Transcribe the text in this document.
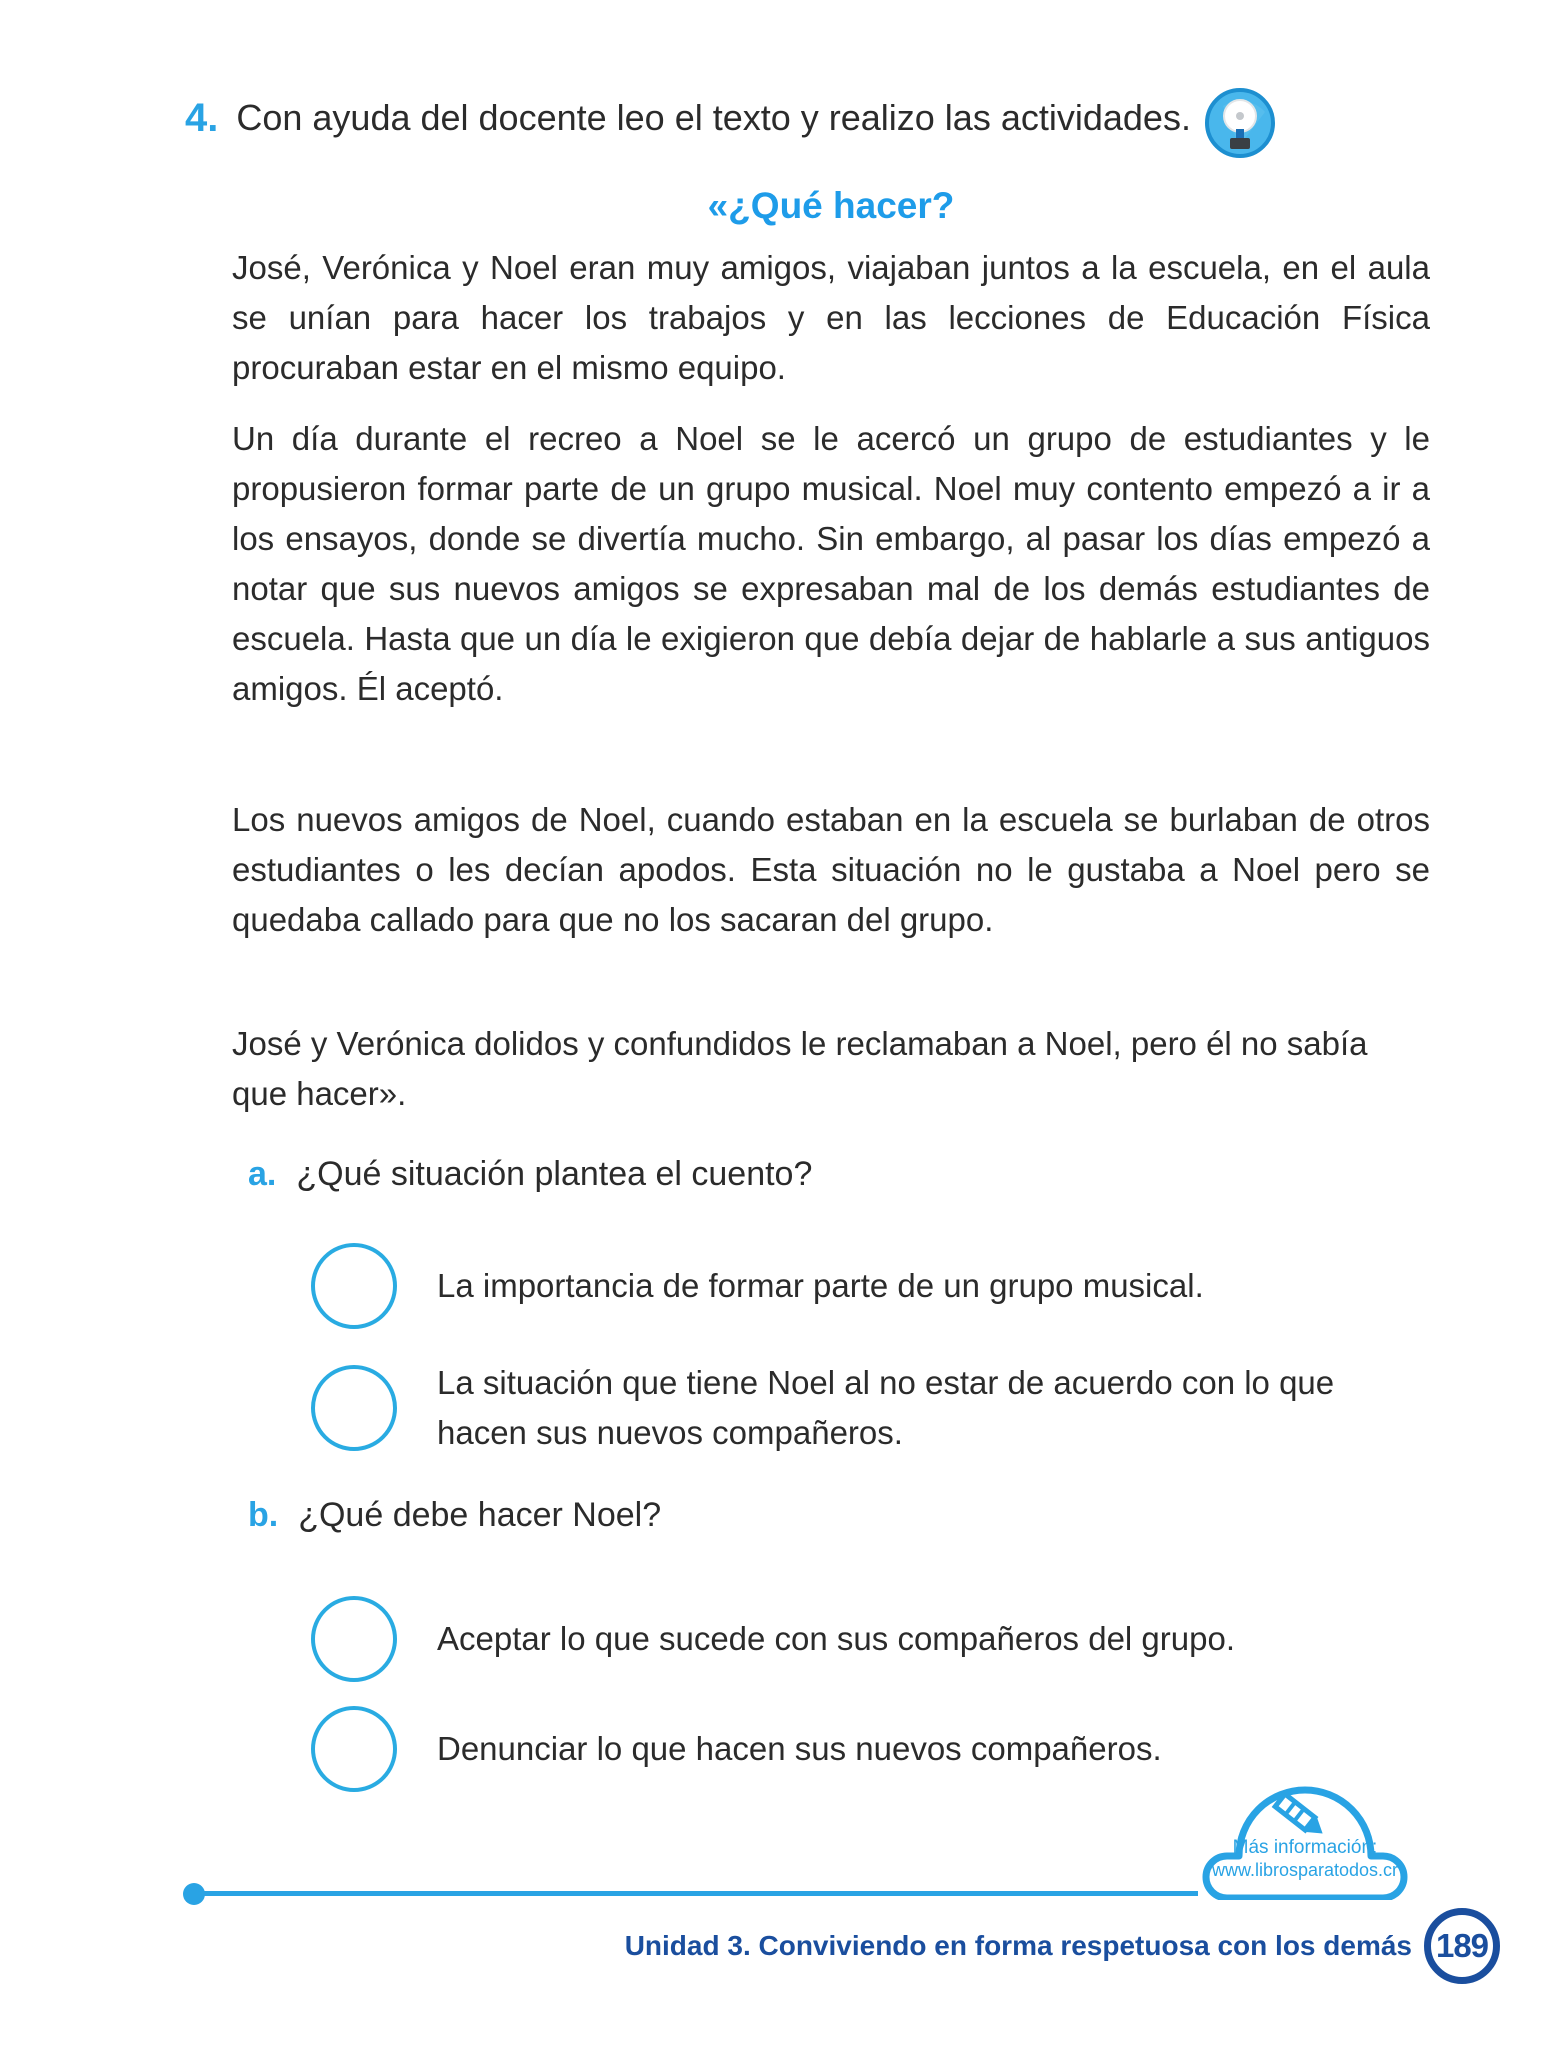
4. Con ayuda del docente leo el texto y realizo las actividades.
«¿Qué hacer?

José, Verónica y Noel eran muy amigos, viajaban juntos a la escuela, en el aula se unían para hacer los trabajos y en las lecciones de Educación Física procuraban estar en el mismo equipo.

Un día durante el recreo a Noel se le acercó un grupo de estudiantes y le propusieron formar parte de un grupo musical. Noel muy contento empezó a ir a los ensayos, donde se divertía mucho. Sin embargo, al pasar los días empezó a notar que sus nuevos amigos se expresaban mal de los demás estudiantes de escuela. Hasta que un día le exigieron que debía dejar de hablarle a sus antiguos amigos. Él aceptó.

Los nuevos amigos de Noel, cuando estaban en la escuela se burlaban de otros estudiantes o les decían apodos. Esta situación no le gustaba a Noel pero se quedaba callado para que no los sacaran del grupo.

José y Verónica dolidos y confundidos le reclamaban a Noel, pero él no sabía que hacer».

a. ¿Qué situación plantea el cuento?
La importancia de formar parte de un grupo musical.
La situación que tiene Noel al no estar de acuerdo con lo que hacen sus nuevos compañeros.
b. ¿Qué debe hacer Noel?
Aceptar lo que sucede con sus compañeros del grupo.
Denunciar lo que hacen sus nuevos compañeros.
Más información:
www.librosparatodos.cr
Unidad 3. Conviviendo en forma respetuosa con los demás 189
